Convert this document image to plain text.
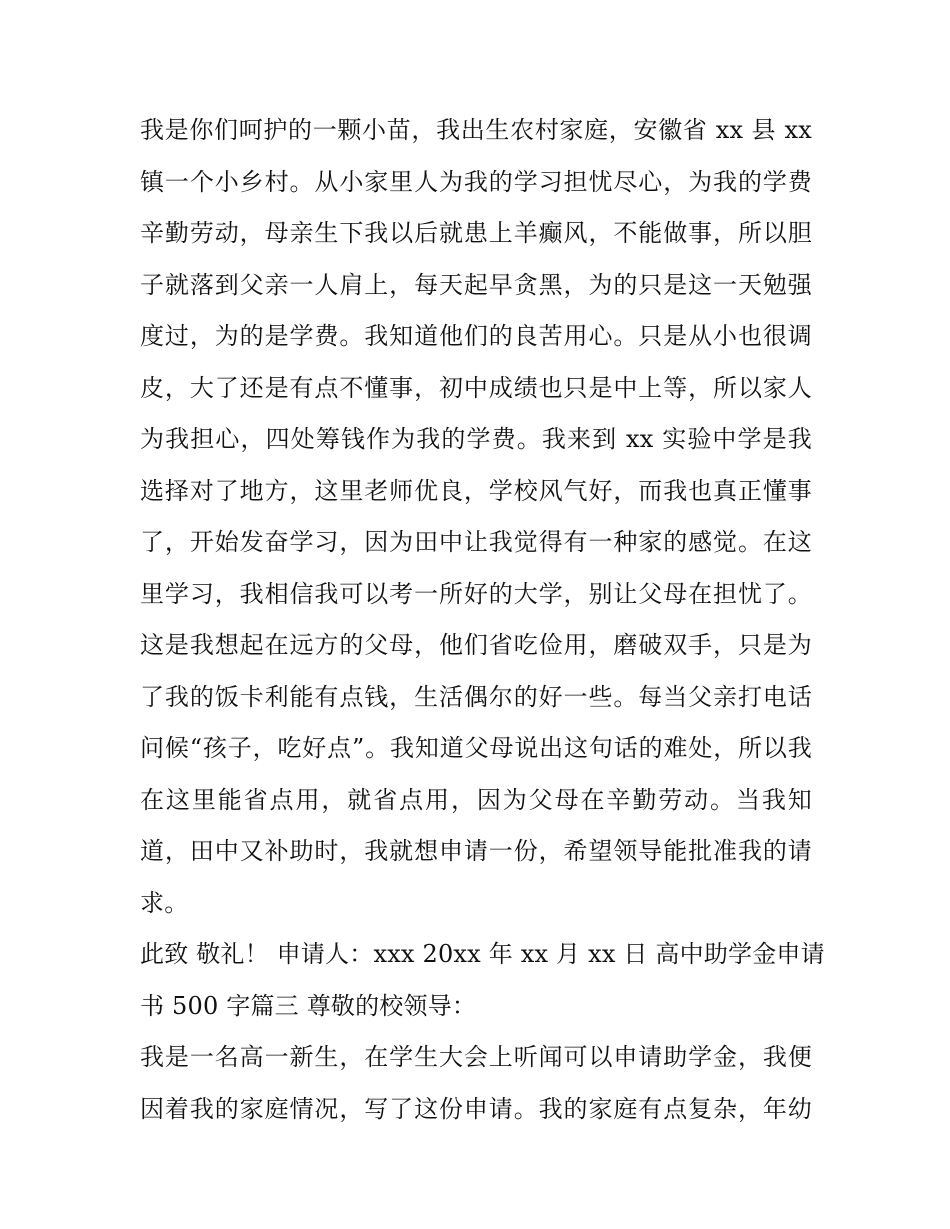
我是你们呵护的一颗小苗，我出生农村家庭，安徽省 xx 县 xx
镇一个小乡村。从小家里人为我的学习担忧尽心，为我的学费
辛勤劳动，母亲生下我以后就患上羊癫风，不能做事，所以胆
子就落到父亲一人肩上，每天起早贪黑，为的只是这一天勉强
度过，为的是学费。我知道他们的良苦用心。只是从小也很调
皮，大了还是有点不懂事，初中成绩也只是中上等，所以家人
为我担心，四处筹钱作为我的学费。我来到 xx 实验中学是我
选择对了地方，这里老师优良，学校风气好，而我也真正懂事
了，开始发奋学习，因为田中让我觉得有一种家的感觉。在这
里学习，我相信我可以考一所好的大学，别让父母在担忧了。
这是我想起在远方的父母，他们省吃俭用，磨破双手，只是为
了我的饭卡利能有点钱，生活偶尔的好一些。每当父亲打电话
问候“孩子，吃好点”。我知道父母说出这句话的难处，所以我
在这里能省点用，就省点用，因为父母在辛勤劳动。当我知
道，田中又补助时，我就想申请一份，希望领导能批准我的请
求。
此致 敬礼！ 申请人：xxx 20xx 年 xx 月 xx 日 高中助学金申请
书 500 字篇三 尊敬的校领导：
我是一名高一新生，在学生大会上听闻可以申请助学金，我便
因着我的家庭情况，写了这份申请。我的家庭有点复杂，年幼
